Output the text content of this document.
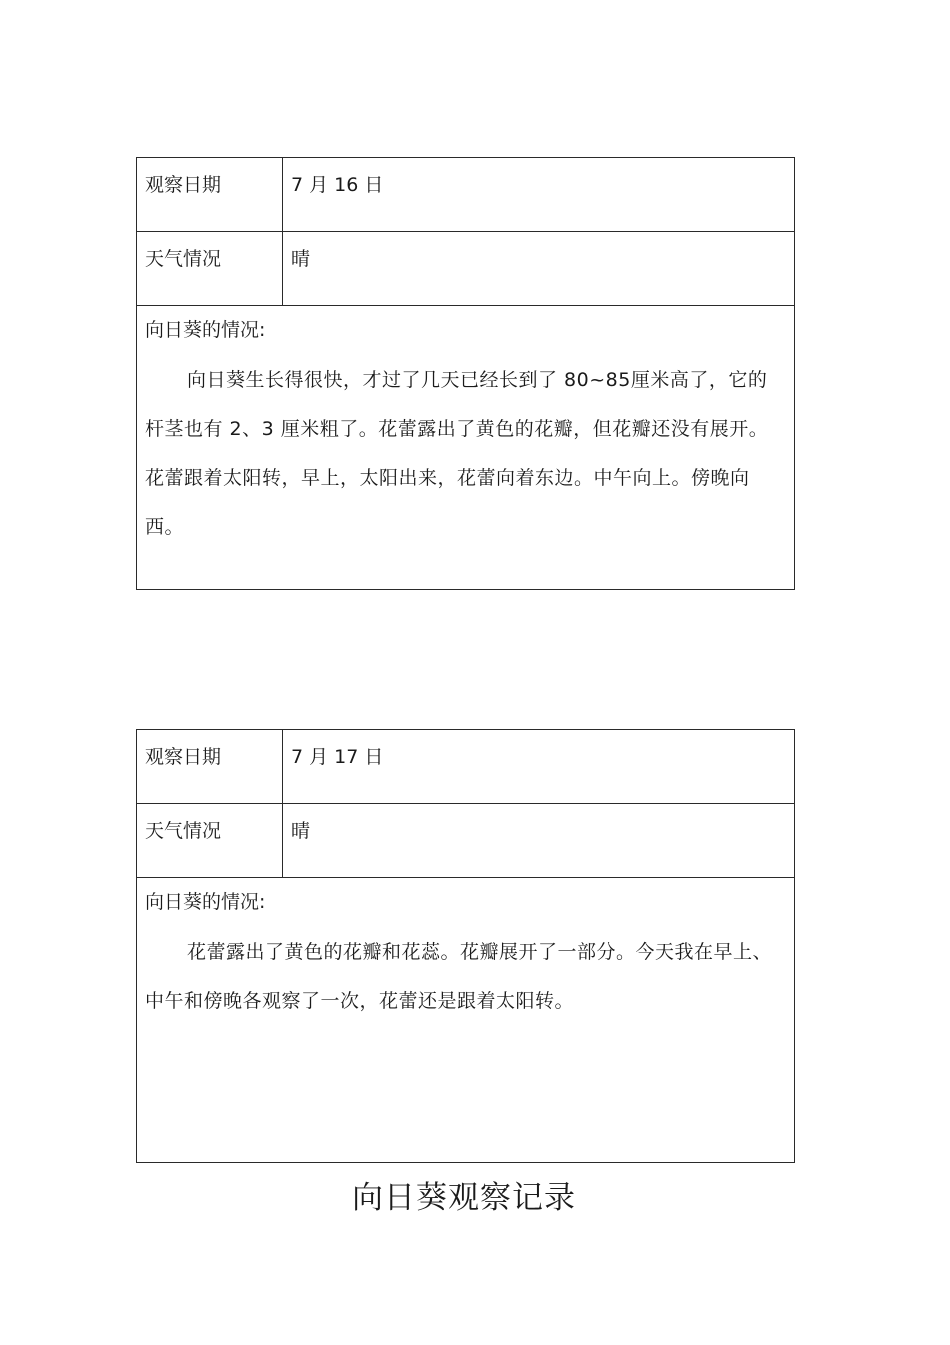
观察日期	7 月 16 日
天气情况	晴
向日葵的情况:
向日葵生长得很快，才过了几天已经长到了 80~85厘米高了，它的杆茎也有 2、3 厘米粗了。花蕾露出了黄色的花瓣，但花瓣还没有展开。花蕾跟着太阳转，早上，太阳出来，花蕾向着东边。中午向上。傍晚向西。
观察日期	7 月 17 日
天气情况	晴
向日葵的情况:
花蕾露出了黄色的花瓣和花蕊。花瓣展开了一部分。今天我在早上、中午和傍晚各观察了一次，花蕾还是跟着太阳转。
向日葵观察记录
